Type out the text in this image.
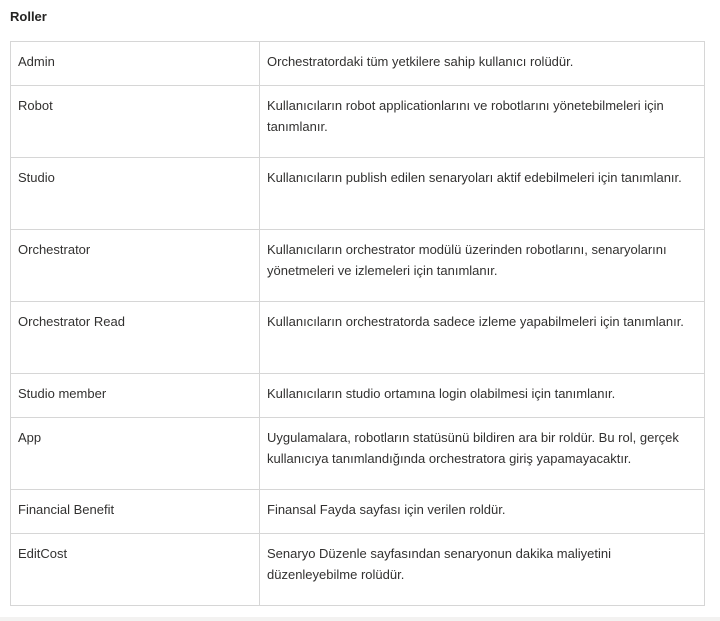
Roller
Admin	Orchestratordaki tüm yetkilere sahip kullanıcı rolüdür.
Robot	Kullanıcıların robot applicationlarını ve robotlarını yönetebilmeleri için tanımlanır.
Studio	Kullanıcıların publish edilen senaryoları aktif edebilmeleri için tanımlanır.
Orchestrator	Kullanıcıların orchestrator modülü üzerinden robotlarını, senaryolarını yönetmeleri ve izlemeleri için tanımlanır.
Orchestrator Read	Kullanıcıların orchestratorda sadece izleme yapabilmeleri için tanımlanır.
Studio member	Kullanıcıların studio ortamına login olabilmesi için tanımlanır.
App	Uygulamalara, robotların statüsünü bildiren ara bir roldür. Bu rol, gerçek kullanıcıya tanımlandığında orchestratora giriş yapamayacaktır.
Financial Benefit	Finansal Fayda sayfası için verilen roldür.
EditCost	Senaryo Düzenle sayfasından senaryonun dakika maliyetini düzenleyebilme rolüdür.
